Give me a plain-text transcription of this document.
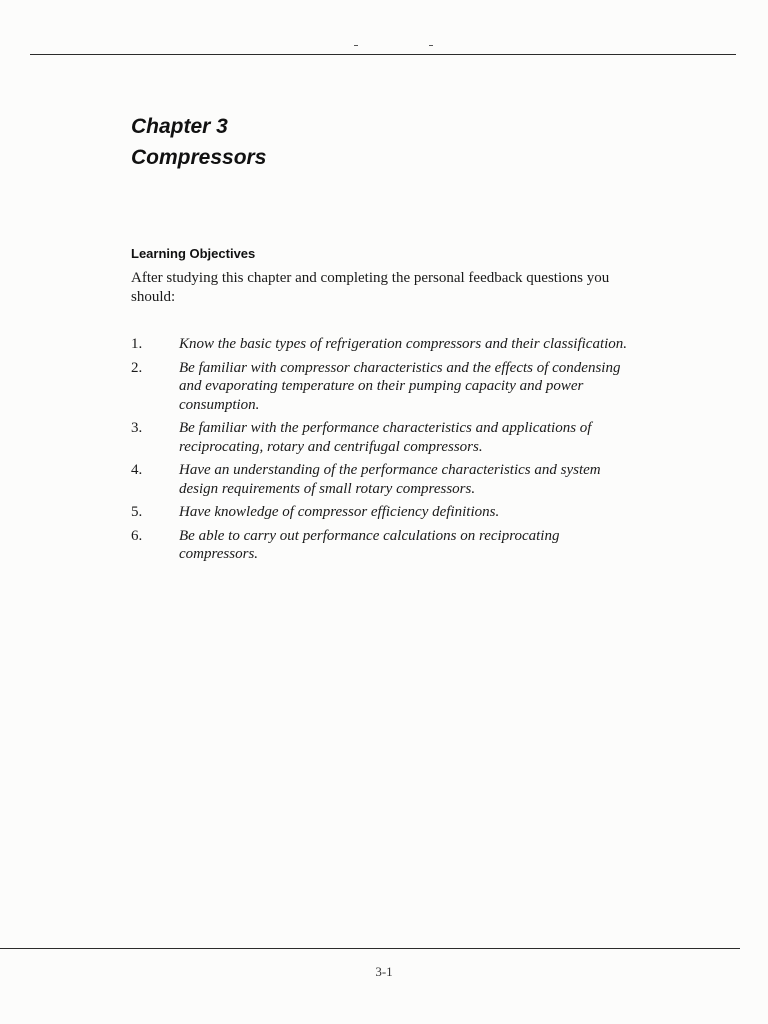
Chapter 3
Compressors
Learning Objectives
After studying this chapter and completing the personal feedback questions you should:
1.	Know the basic types of refrigeration compressors and their classification.
2.	Be familiar with compressor characteristics and the effects of condensing and evaporating temperature on their pumping capacity and power consumption.
3.	Be familiar with the performance characteristics and applications of reciprocating, rotary and centrifugal compressors.
4.	Have an understanding of the performance characteristics and system design requirements of small rotary compressors.
5.	Have knowledge of compressor efficiency definitions.
6.	Be able to carry out performance calculations on reciprocating compressors.
3-1
